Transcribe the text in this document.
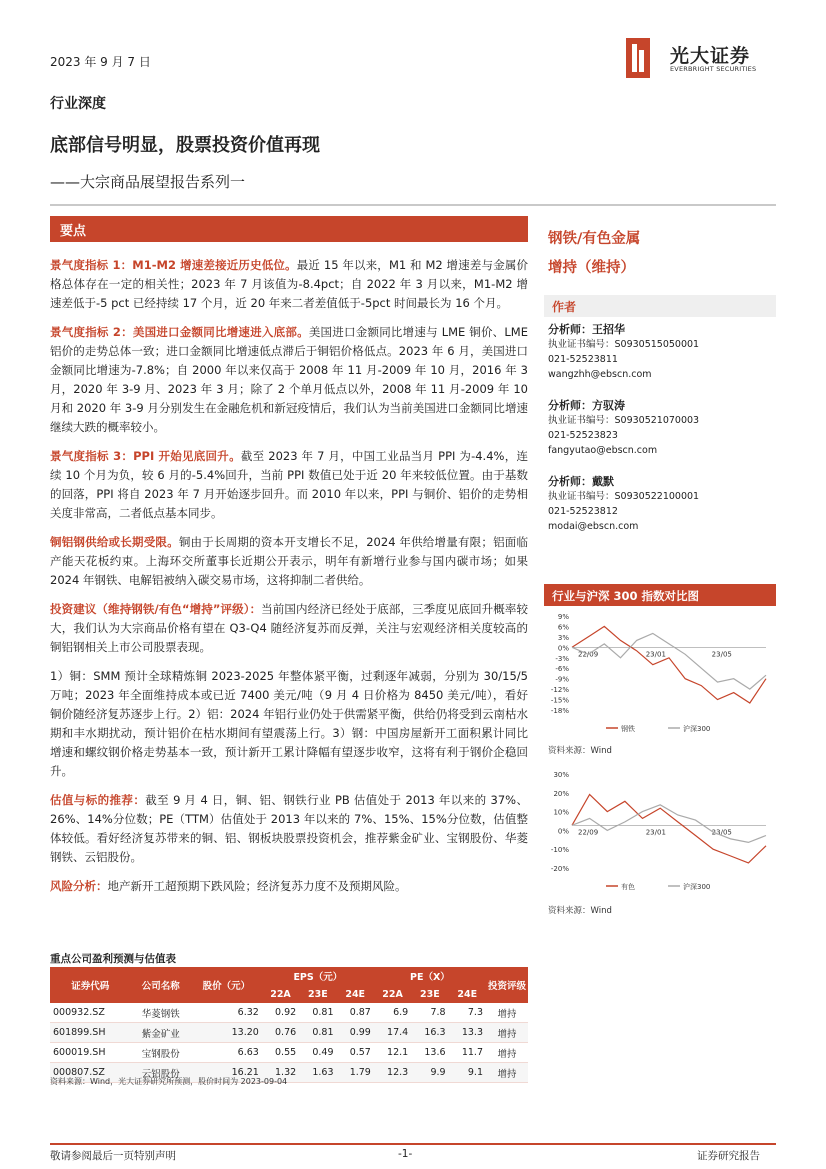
2023 年 9 月 7 日	光大证券
EVERBRIGHT SECURITIES
行业深度
底部信号明显，股票投资价值再现
——大宗商品展望报告系列一
要点

景气度指标 1：M1-M2 增速差接近历史低位。最近 15 年以来，M1 和 M2 增速差与金属价格总体存在一定的相关性；2023 年 7 月该值为-8.4pct；自 2022 年 3 月以来，M1-M2 增速差低于-5 pct 已经持续 17 个月，近 20 年来二者差值低于-5pct 时间最长为 16 个月。

景气度指标 2：美国进口金额同比增速进入底部。美国进口金额同比增速与 LME 铜价、LME 铝价的走势总体一致；进口金额同比增速低点滞后于铜铝价格低点。2023 年 6 月，美国进口金额同比增速为-7.8%；自 2000 年以来仅高于 2008 年 11 月-2009 年 10 月，2016 年 3 月，2020 年 3-9 月、2023 年 3 月；除了 2 个单月低点以外，2008 年 11 月-2009 年 10 月和 2020 年 3-9 月分别发生在金融危机和新冠疫情后，我们认为当前美国进口金额同比增速继续大跌的概率较小。

景气度指标 3：PPI 开始见底回升。截至 2023 年 7 月，中国工业品当月 PPI 为-4.4%，连续 10 个月为负，较 6 月的-5.4%回升，当前 PPI 数值已处于近 20 年来较低位置。由于基数的回落，PPI 将自 2023 年 7 月开始逐步回升。而 2010 年以来，PPI 与铜价、铝价的走势相关度非常高，二者低点基本同步。

铜铝钢供给或长期受限。铜由于长周期的资本开支增长不足，2024 年供给增量有限；铝面临产能天花板约束。上海环交所董事长近期公开表示，明年有新增行业参与国内碳市场；如果 2024 年钢铁、电解铝被纳入碳交易市场，这将抑制二者供给。

投资建议（维持钢铁/有色“增持”评级）：当前国内经济已经处于底部，三季度见底回升概率较大，我们认为大宗商品价格有望在 Q3-Q4 随经济复苏而反弹，关注与宏观经济相关度较高的铜铝钢相关上市公司股票表现。

1）铜：SMM 预计全球精炼铜 2023-2025 年整体紧平衡，过剩逐年减弱，分别为 30/15/5 万吨；2023 年全面维持成本或已近 7400 美元/吨（9 月 4 日价格为 8450 美元/吨），看好铜价随经济复苏逐步上行。2）铝：2024 年铝行业仍处于供需紧平衡，供给仍将受到云南枯水期和丰水期扰动，预计铝价在枯水期间有望震荡上行。3）钢：中国房屋新开工面积累计同比增速和螺纹钢价格走势基本一致，预计新开工累计降幅有望逐步收窄，这将有利于钢价企稳回升。

估值与标的推荐：截至 9 月 4 日，铜、铝、钢铁行业 PB 估值处于 2013 年以来的 37%、26%、14%分位数；PE（TTM）估值处于 2013 年以来的 7%、15%、15%分位数，估值整体较低。看好经济复苏带来的铜、铝、钢板块股票投资机会，推荐紫金矿业、宝钢股份、华菱钢铁、云铝股份。

风险分析：地产新开工超预期下跌风险；经济复苏力度不及预期风险。

钢铁/有色金属
增持（维持）
作者
分析师：王招华
执业证书编号：S0930515050001
021-52523811
wangzhh@ebscn.com
分析师：方驭涛
执业证书编号：S0930521070003
021-52523823
fangyutao@ebscn.com
分析师：戴默
执业证书编号：S0930522100001
021-52523812
modai@ebscn.com
行业与沪深 300 指数对比图
9%
6%
3%
0%
-3%
-6%
-9%
-12%
-15%
-18%
22/09	23/01	23/05
钢铁	沪深300
资料来源：Wind
30%
20%
10%
0%
-10%
-20%
22/09	23/01	23/05
有色	沪深300
资料来源：Wind
重点公司盈利预测与估值表
证券代码	公司名称	股价（元）	EPS（元）			PE（X）			投资评级
			22A	23E	24E	22A	23E	24E	
000932.SZ	华菱钢铁	6.32	0.92	0.81	0.87	6.9	7.8	7.3	增持
601899.SH	紫金矿业	13.20	0.76	0.81	0.99	17.4	16.3	13.3	增持
600019.SH	宝钢股份	6.63	0.55	0.49	0.57	12.1	13.6	11.7	增持
000807.SZ	云铝股份	16.21	1.32	1.63	1.79	12.3	9.9	9.1	增持
资料来源：Wind，光大证券研究所预测，股价时间为 2023-09-04
敬请参阅最后一页特别声明	-1-	证券研究报告
